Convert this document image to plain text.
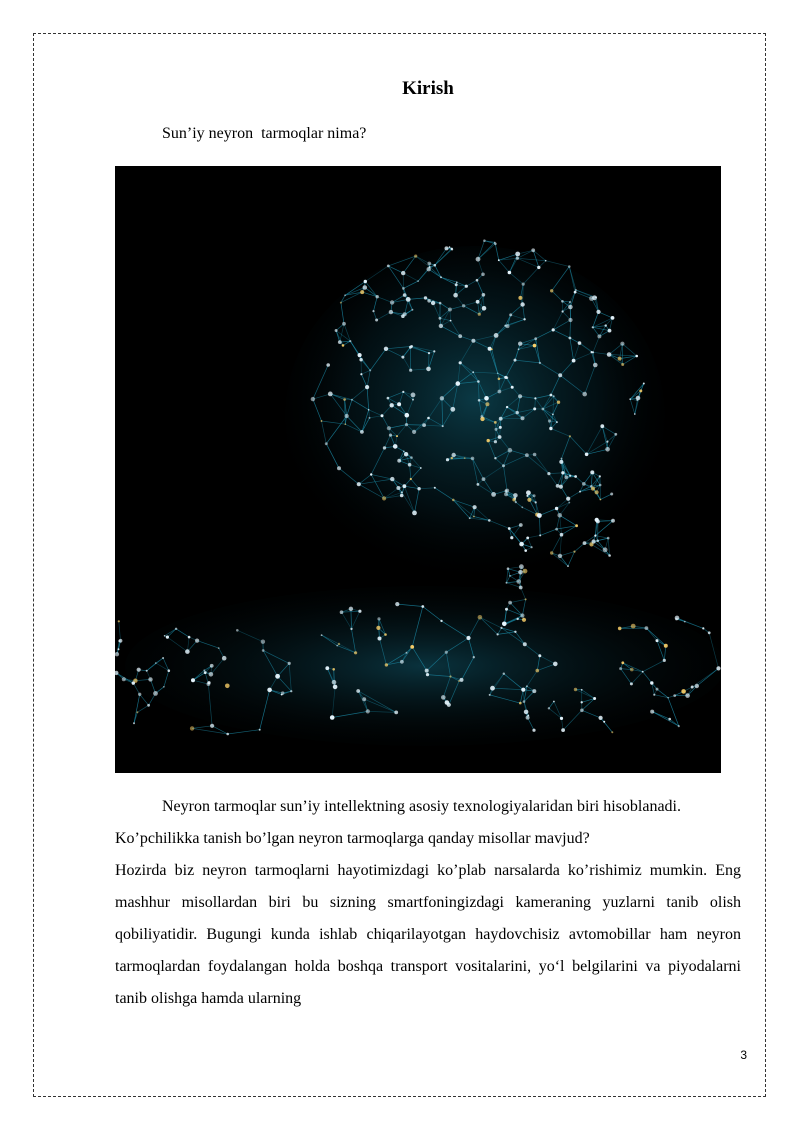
Kirish
Sun’iy neyron  tarmoqlar nima?

Neyron tarmoqlar sun’iy intellektning asosiy texnologiyalaridan biri hisoblanadi.

Ko’pchilikka tanish bo’lgan neyron tarmoqlarga qanday misollar mavjud?

Hozirda biz neyron tarmoqlarni hayotimizdagi ko’plab narsalarda ko’rishimiz mumkin. Eng mashhur misollardan biri bu sizning smartfoningizdagi kameraning yuzlarni tanib olish qobiliyatidir. Bugungi kunda ishlab chiqarilayotgan haydovchisiz avtomobillar ham neyron tarmoqlardan foydalangan holda boshqa transport vositalarini, yo‘l belgilarini va piyodalarni tanib olishga hamda ularning

3
